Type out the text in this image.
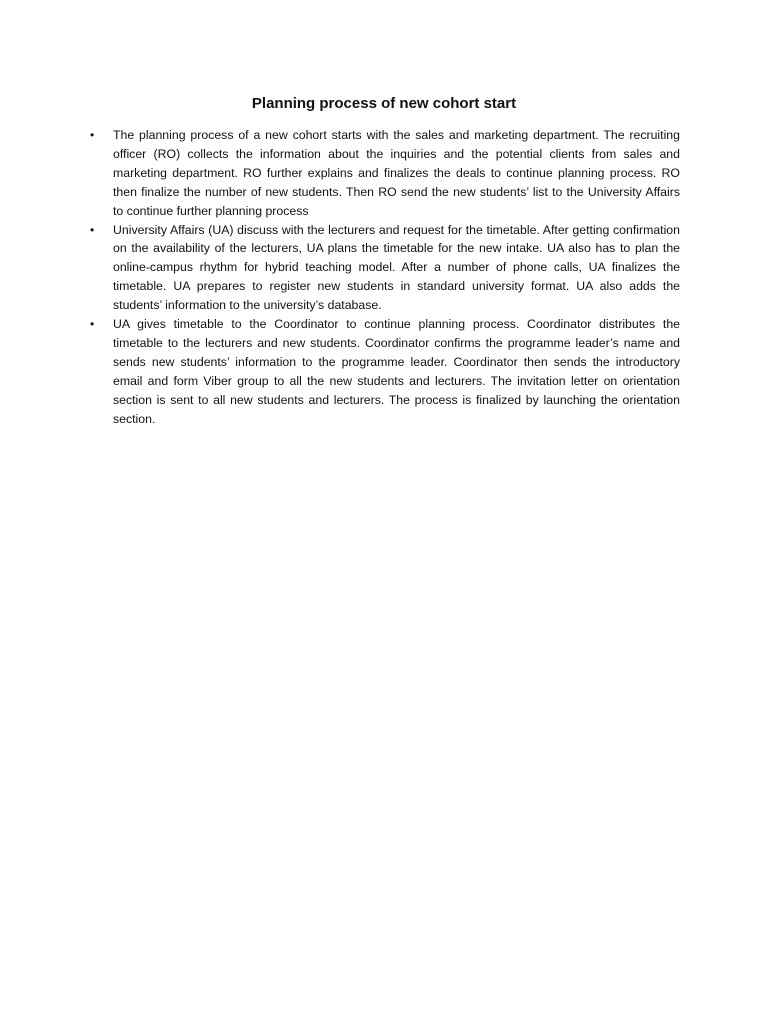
Planning process of new cohort start
• The planning process of a new cohort starts with the sales and marketing department. The recruiting officer (RO) collects the information about the inquiries and the potential clients from sales and marketing department. RO further explains and finalizes the deals to continue planning process. RO then finalize the number of new students. Then RO send the new students’ list to the University Affairs to continue further planning process
• University Affairs (UA) discuss with the lecturers and request for the timetable. After getting confirmation on the availability of the lecturers, UA plans the timetable for the new intake. UA also has to plan the online-campus rhythm for hybrid teaching model. After a number of phone calls, UA finalizes the timetable. UA prepares to register new students in standard university format. UA also adds the students’ information to the university’s database.
• UA gives timetable to the Coordinator to continue planning process. Coordinator distributes the timetable to the lecturers and new students. Coordinator confirms the programme leader’s name and sends new students’ information to the programme leader. Coordinator then sends the introductory email and form Viber group to all the new students and lecturers. The invitation letter on orientation section is sent to all new students and lecturers. The process is finalized by launching the orientation section.
